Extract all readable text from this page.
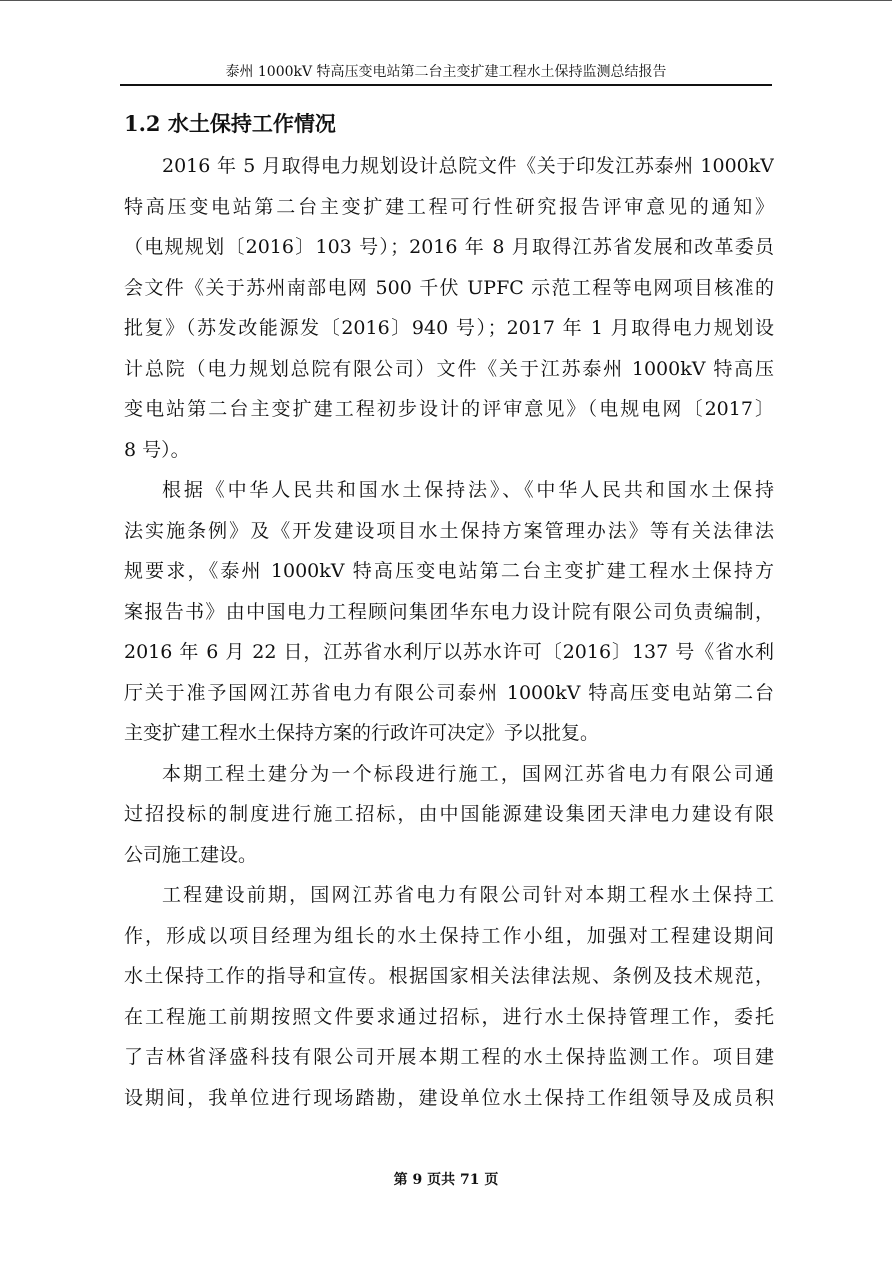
泰州 1000kV 特高压变电站第二台主变扩建工程水土保持监测总结报告
1.2 水土保持工作情况
2016 年 5 月取得电力规划设计总院文件《关于印发江苏泰州 1000kV
特高压变电站第二台主变扩建工程可行性研究报告评审意见的通知》
（电规规划〔2016〕103 号）；2016 年 8 月取得江苏省发展和改革委员
会文件《关于苏州南部电网 500 千伏 UPFC 示范工程等电网项目核准的
批复》（苏发改能源发〔2016〕940 号）；2017 年 1 月取得电力规划设
计总院（电力规划总院有限公司）文件《关于江苏泰州 1000kV 特高压
变电站第二台主变扩建工程初步设计的评审意见》（电规电网〔2017〕
8 号）。
根据《中华人民共和国水土保持法》、《中华人民共和国水土保持
法实施条例》及《开发建设项目水土保持方案管理办法》等有关法律法
规要求，《泰州 1000kV 特高压变电站第二台主变扩建工程水土保持方
案报告书》由中国电力工程顾问集团华东电力设计院有限公司负责编制，
2016 年 6 月 22 日，江苏省水利厅以苏水许可〔2016〕137 号《省水利
厅关于准予国网江苏省电力有限公司泰州 1000kV 特高压变电站第二台
主变扩建工程水土保持方案的行政许可决定》予以批复。
本期工程土建分为一个标段进行施工，国网江苏省电力有限公司通
过招投标的制度进行施工招标，由中国能源建设集团天津电力建设有限
公司施工建设。
工程建设前期，国网江苏省电力有限公司针对本期工程水土保持工
作，形成以项目经理为组长的水土保持工作小组，加强对工程建设期间
水土保持工作的指导和宣传。根据国家相关法律法规、条例及技术规范，
在工程施工前期按照文件要求通过招标，进行水土保持管理工作，委托
了吉林省泽盛科技有限公司开展本期工程的水土保持监测工作。项目建
设期间，我单位进行现场踏勘，建设单位水土保持工作组领导及成员积
第 9 页共 71 页
